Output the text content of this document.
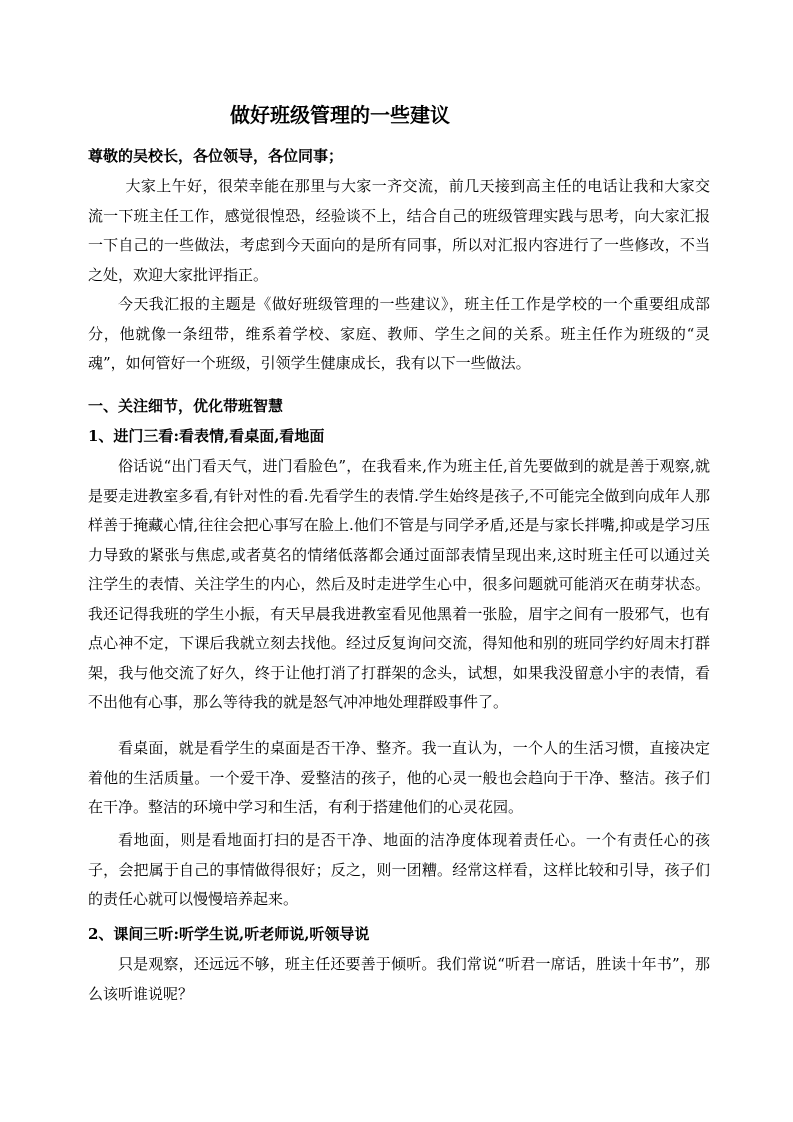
做好班级管理的一些建议
尊敬的吴校长，各位领导，各位同事；
大家上午好，很荣幸能在那里与大家一齐交流，前几天接到高主任的电话让我和大家交流一下班主任工作，感觉很惶恐，经验谈不上，结合自己的班级管理实践与思考，向大家汇报一下自己的一些做法，考虑到今天面向的是所有同事，所以对汇报内容进行了一些修改，不当之处，欢迎大家批评指正。
今天我汇报的主题是《做好班级管理的一些建议》，班主任工作是学校的一个重要组成部分，他就像一条纽带，维系着学校、家庭、教师、学生之间的关系。班主任作为班级的“灵魂”，如何管好一个班级，引领学生健康成长，我有以下一些做法。
一、关注细节，优化带班智慧
1、进门三看:看表情,看桌面,看地面
俗话说“出门看天气，进门看脸色”，在我看来,作为班主任,首先要做到的就是善于观察,就是要走进教室多看,有针对性的看.先看学生的表情.学生始终是孩子,不可能完全做到向成年人那样善于掩藏心情,往往会把心事写在脸上.他们不管是与同学矛盾,还是与家长拌嘴,抑或是学习压力导致的紧张与焦虑,或者莫名的情绪低落都会通过面部表情呈现出来,这时班主任可以通过关注学生的表情、关注学生的内心，然后及时走进学生心中，很多问题就可能消灭在萌芽状态。我还记得我班的学生小振，有天早晨我进教室看见他黑着一张脸，眉宇之间有一股邪气，也有点心神不定，下课后我就立刻去找他。经过反复询问交流，得知他和别的班同学约好周末打群架，我与他交流了好久，终于让他打消了打群架的念头，试想，如果我没留意小宇的表情，看不出他有心事，那么等待我的就是怒气冲冲地处理群殴事件了。
看桌面，就是看学生的桌面是否干净、整齐。我一直认为，一个人的生活习惯，直接决定着他的生活质量。一个爱干净、爱整洁的孩子，他的心灵一般也会趋向于干净、整洁。孩子们在干净。整洁的环境中学习和生活，有利于搭建他们的心灵花园。
看地面，则是看地面打扫的是否干净、地面的洁净度体现着责任心。一个有责任心的孩子，会把属于自己的事情做得很好；反之，则一团糟。经常这样看，这样比较和引导，孩子们的责任心就可以慢慢培养起来。
2、课间三听:听学生说,听老师说,听领导说
只是观察，还远远不够，班主任还要善于倾听。我们常说“听君一席话，胜读十年书”，那么该听谁说呢？
